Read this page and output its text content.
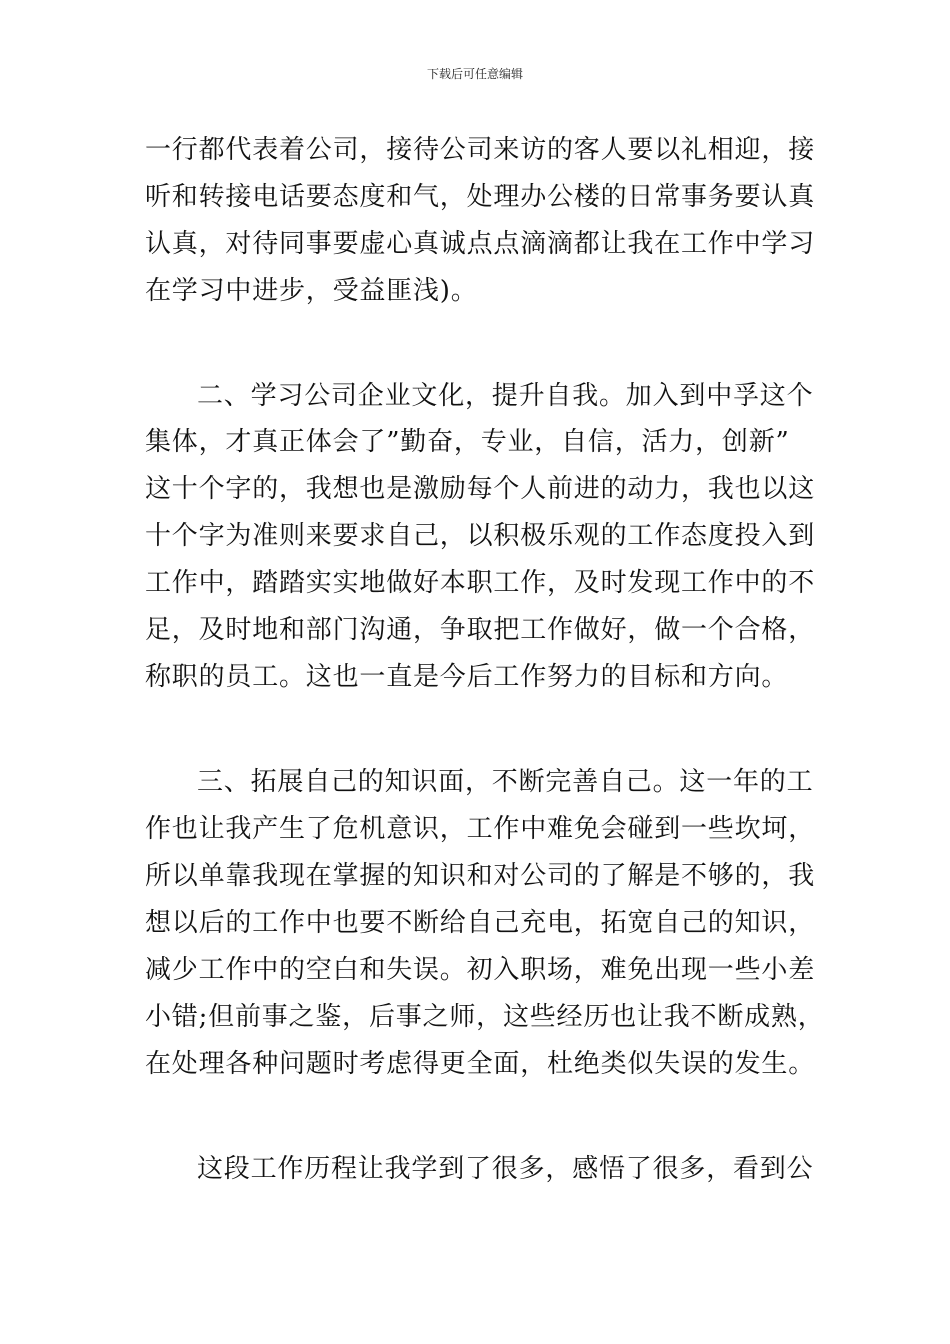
下载后可任意编辑
一行都代表着公司，接待公司来访的客人要以礼相迎，接
听和转接电话要态度和气，处理办公楼的日常事务要认真
认真，对待同事要虚心真诚点点滴滴都让我在工作中学习
在学习中进步，受益匪浅)。
二、学习公司企业文化，提升自我。加入到中孚这个
集体，才真正体会了”勤奋，专业，自信，活力，创新”
这十个字的，我想也是激励每个人前进的动力，我也以这
十个字为准则来要求自己，以积极乐观的工作态度投入到
工作中，踏踏实实地做好本职工作，及时发现工作中的不
足，及时地和部门沟通，争取把工作做好，做一个合格，
称职的员工。这也一直是今后工作努力的目标和方向。
三、拓展自己的知识面，不断完善自己。这一年的工
作也让我产生了危机意识，工作中难免会碰到一些坎坷，
所以单靠我现在掌握的知识和对公司的了解是不够的，我
想以后的工作中也要不断给自己充电，拓宽自己的知识，
减少工作中的空白和失误。初入职场，难免出现一些小差
小错;但前事之鉴，后事之师，这些经历也让我不断成熟，
在处理各种问题时考虑得更全面，杜绝类似失误的发生。
这段工作历程让我学到了很多，感悟了很多，看到公
